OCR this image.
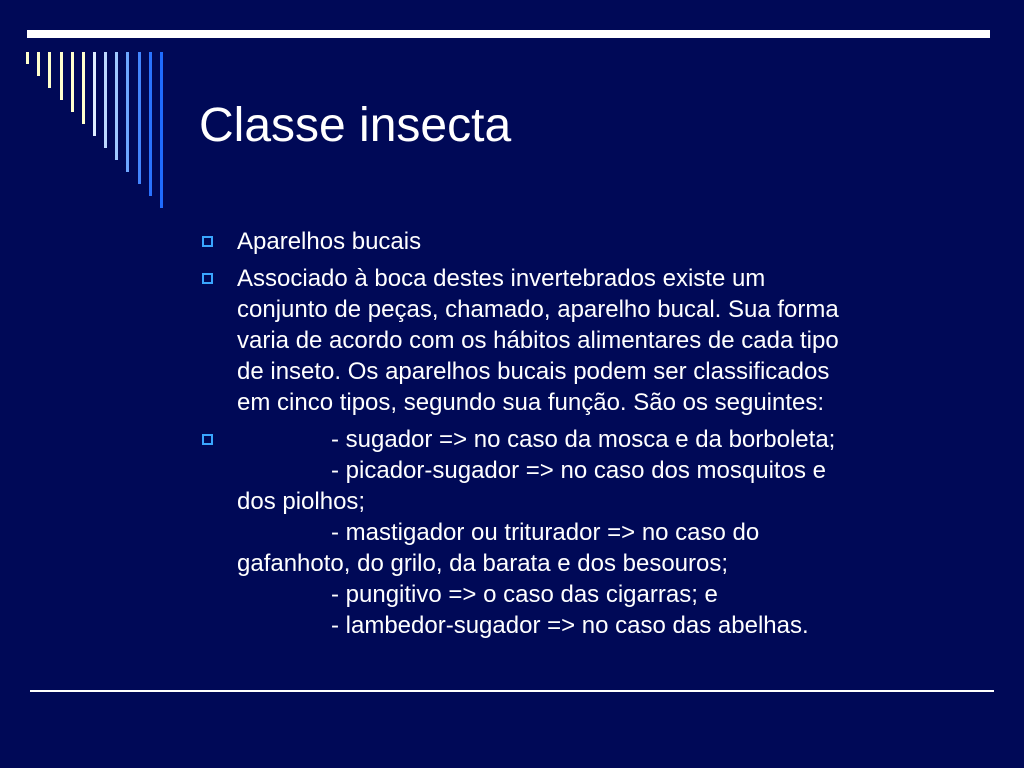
Classe insecta
Aparelhos bucais
Associado à boca destes invertebrados existe um
conjunto de peças, chamado, aparelho bucal. Sua forma
varia de acordo com os hábitos alimentares de cada tipo
de inseto. Os aparelhos bucais podem ser classificados
em cinco tipos, segundo sua função. São os seguintes:
- sugador => no caso da mosca e da borboleta;
- picador-sugador => no caso dos mosquitos e
dos piolhos;
- mastigador ou triturador => no caso do
gafanhoto, do grilo, da barata e dos besouros;
- pungitivo => o caso das cigarras; e
- lambedor-sugador => no caso das abelhas.
